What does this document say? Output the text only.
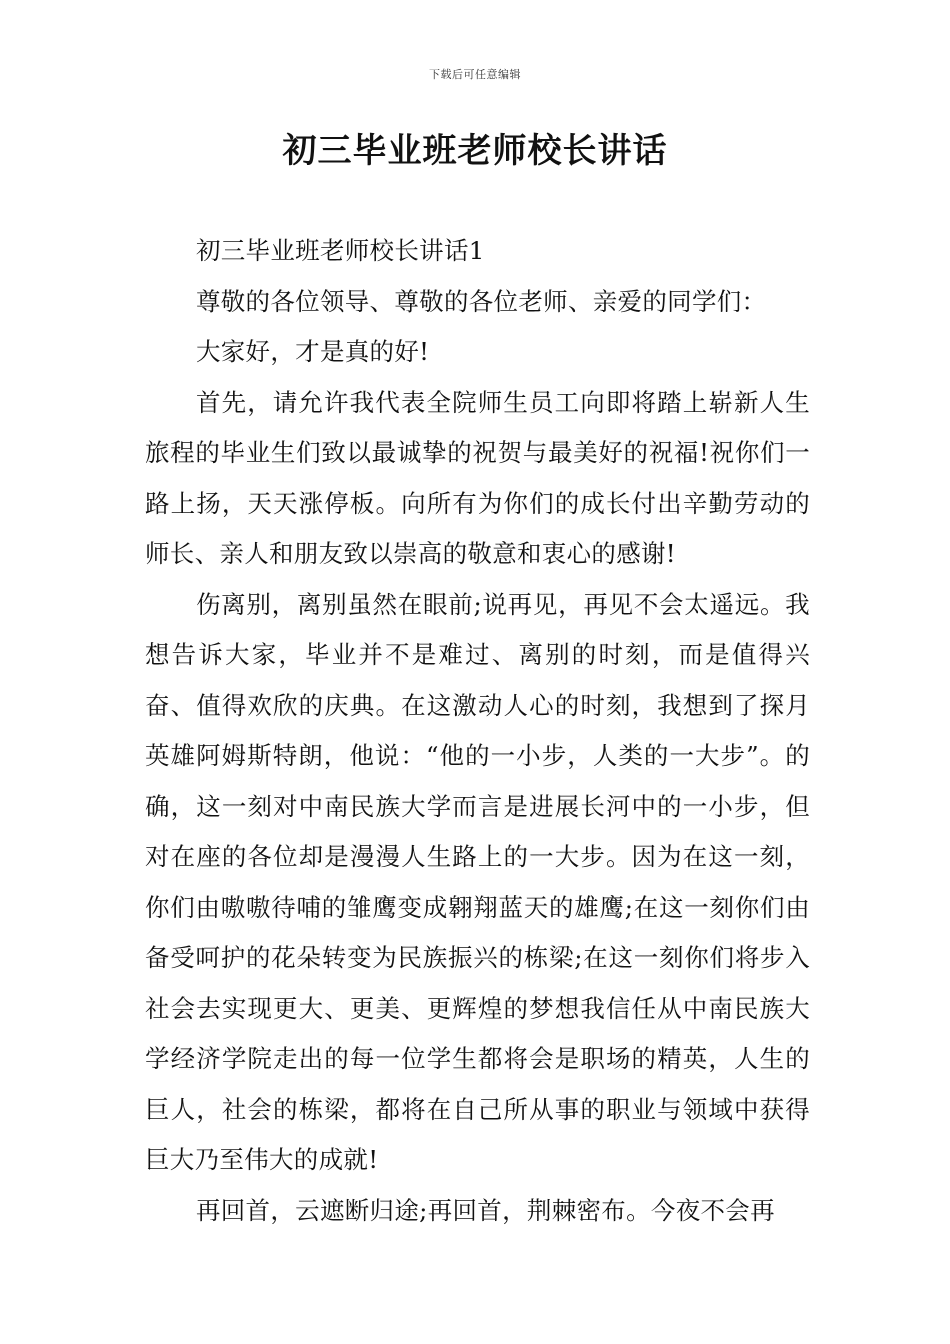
下载后可任意编辑
初三毕业班老师校长讲话

初三毕业班老师校长讲话1

尊敬的各位领导、尊敬的各位老师、亲爱的同学们：

大家好，才是真的好!

首先，请允许我代表全院师生员工向即将踏上崭新人生旅程的毕业生们致以最诚挚的祝贺与最美好的祝福!祝你们一路上扬，天天涨停板。向所有为你们的成长付出辛勤劳动的师长、亲人和朋友致以崇高的敬意和衷心的感谢!

伤离别，离别虽然在眼前;说再见，再见不会太遥远。我想告诉大家，毕业并不是难过、离别的时刻，而是值得兴奋、值得欢欣的庆典。在这激动人心的时刻，我想到了探月英雄阿姆斯特朗，他说：“他的一小步，人类的一大步”。的确，这一刻对中南民族大学而言是进展长河中的一小步，但对在座的各位却是漫漫人生路上的一大步。因为在这一刻，你们由嗷嗷待哺的雏鹰变成翱翔蓝天的雄鹰;在这一刻你们由备受呵护的花朵转变为民族振兴的栋梁;在这一刻你们将步入社会去实现更大、更美、更辉煌的梦想我信任从中南民族大学经济学院走出的每一位学生都将会是职场的精英，人生的巨人，社会的栋梁，都将在自己所从事的职业与领域中获得巨大乃至伟大的成就!

再回首，云遮断归途;再回首，荆棘密布。今夜不会再
